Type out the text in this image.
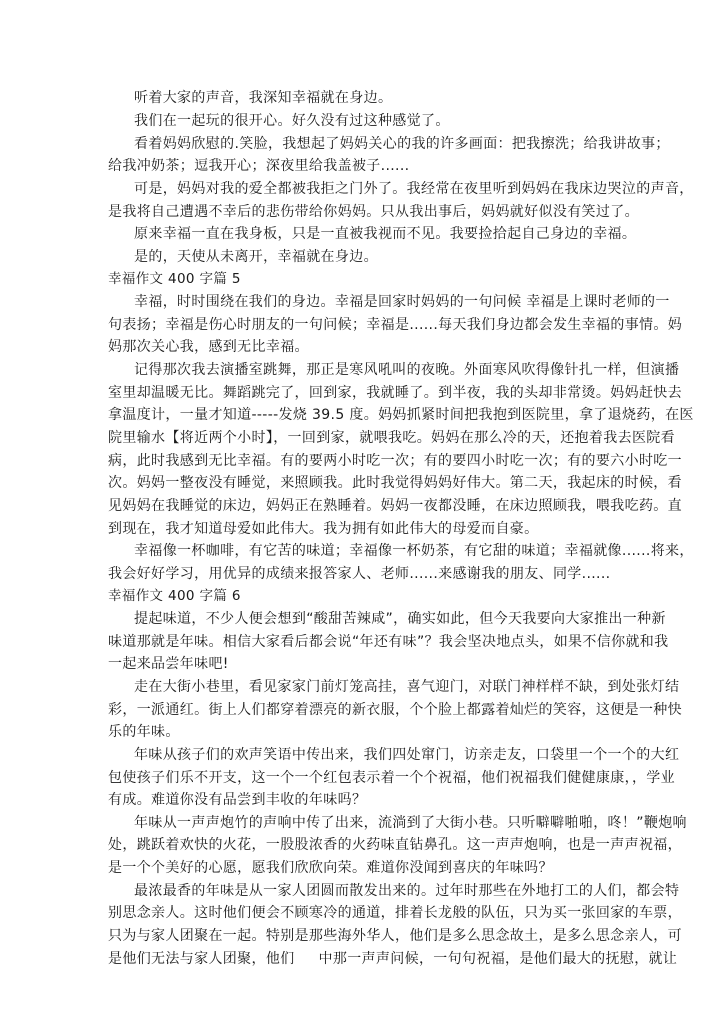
听着大家的声音，我深知幸福就在身边。
我们在一起玩的很开心。好久没有过这种感觉了。
看着妈妈欣慰的.笑脸，我想起了妈妈关心的我的许多画面：把我擦洗；给我讲故事；
给我冲奶茶；逗我开心；深夜里给我盖被子......
可是，妈妈对我的爱全都被我拒之门外了。我经常在夜里听到妈妈在我床边哭泣的声音，
是我将自己遭遇不幸后的悲伤带给你妈妈。只从我出事后，妈妈就好似没有笑过了。
原来幸福一直在我身板，只是一直被我视而不见。我要捡拾起自己身边的幸福。
是的，天使从未离开，幸福就在身边。
幸福作文 400 字篇 5
幸福，时时围绕在我们的身边。幸福是回家时妈妈的一句问候 幸福是上课时老师的一
句表扬；幸福是伤心时朋友的一句问候；幸福是......每天我们身边都会发生幸福的事情。妈
妈那次关心我，感到无比幸福。
记得那次我去演播室跳舞，那正是寒风吼叫的夜晚。外面寒风吹得像针扎一样，但演播
室里却温暖无比。舞蹈跳完了，回到家，我就睡了。到半夜，我的头却非常烫。妈妈赶快去
拿温度计，一量才知道-----发烧 39.5 度。妈妈抓紧时间把我抱到医院里，拿了退烧药，在医
院里输水【将近两个小时】，一回到家，就喂我吃。妈妈在那么冷的天，还抱着我去医院看
病，此时我感到无比幸福。有的要两小时吃一次；有的要四小时吃一次；有的要六小时吃一
次。妈妈一整夜没有睡觉，来照顾我。此时我觉得妈妈好伟大。第二天，我起床的时候，看
见妈妈在我睡觉的床边，妈妈正在熟睡着。妈妈一夜都没睡，在床边照顾我，喂我吃药。直
到现在，我才知道母爱如此伟大。我为拥有如此伟大的母爱而自豪。
幸福像一杯咖啡，有它苦的味道；幸福像一杯奶茶，有它甜的味道；幸福就像......将来，
我会好好学习，用优异的成绩来报答家人、老师......来感谢我的朋友、同学......
幸福作文 400 字篇 6
提起味道，不少人便会想到“酸甜苦辣咸”，确实如此，但今天我要向大家推出一种新
味道那就是年味。相信大家看后都会说“年还有味”？我会坚决地点头，如果不信你就和我
一起来品尝年味吧!
走在大街小巷里，看见家家门前灯笼高挂，喜气迎门，对联门神样样不缺，到处张灯结
彩，一派通红。街上人们都穿着漂亮的新衣服，个个脸上都露着灿烂的笑容，这便是一种快
乐的年味。
年味从孩子们的欢声笑语中传出来，我们四处窜门，访亲走友，口袋里一个一个的大红
包使孩子们乐不开支，这一个一个红包表示着一个个祝福，他们祝福我们健健康康，，学业
有成。难道你没有品尝到丰收的年味吗？
年味从一声声炮竹的声响中传了出来，流淌到了大街小巷。只听噼噼啪啪，咚！”鞭炮响
处，跳跃着欢快的火花，一股股浓香的火药味直钻鼻孔。这一声声炮响，也是一声声祝福，
是一个个美好的心愿，愿我们欣欣向荣。难道你没闻到喜庆的年味吗？
最浓最香的年味是从一家人团圆而散发出来的。过年时那些在外地打工的人们，都会特
别思念亲人。这时他们便会不顾寒冷的通道，排着长龙般的队伍，只为买一张回家的车票，
只为与家人团聚在一起。特别是那些海外华人，他们是多么思念故土，是多么思念亲人，可
是他们无法与家人团聚，他们 　 中那一声声问候，一句句祝福，是他们最大的抚慰，就让
